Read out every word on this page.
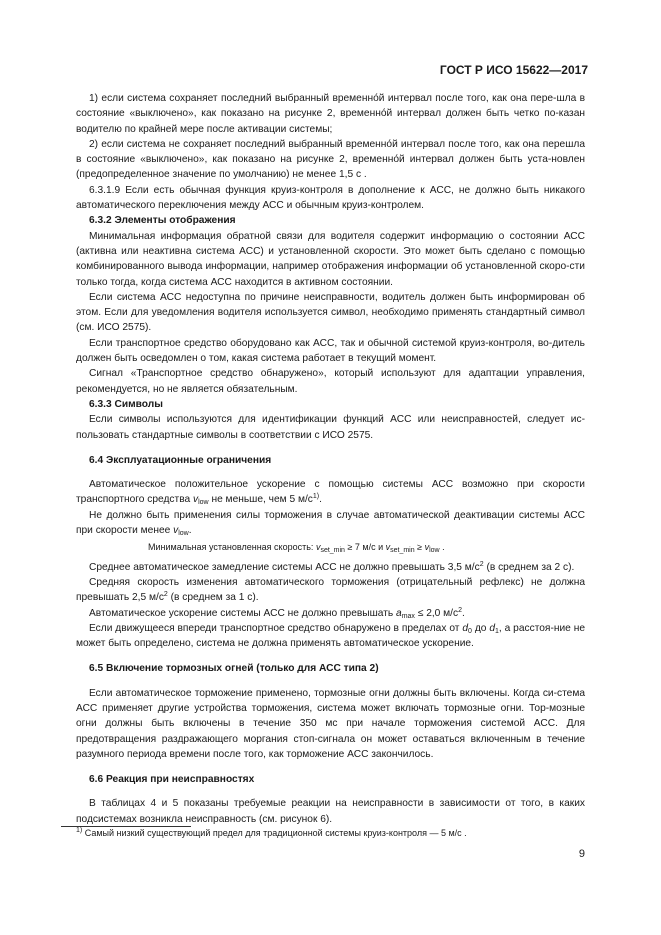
ГОСТ Р ИСО 15622—2017

1) если система сохраняет последний выбранный временно́й интервал после того, как она пере-шла в состояние «выключено», как показано на рисунке 2, временно́й интервал должен быть четко по-казан водителю по крайней мере после активации системы;

2) если система не сохраняет последний выбранный временно́й интервал после того, как она перешла в состояние «выключено», как показано на рисунке 2, временно́й интервал должен быть уста-новлен (предопределенное значение по умолчанию) не менее 1,5 с .

6.3.1.9 Если есть обычная функция круиз-контроля в дополнение к АСС, не должно быть никакого автоматического переключения между АСС и обычным круиз-контролем.

6.3.2 Элементы отображения

Минимальная информация обратной связи для водителя содержит информацию о состоянии АСС (активна или неактивна система АСС) и установленной скорости. Это может быть сделано с помощью комбинированного вывода информации, например отображения информации об установленной скоро-сти только тогда, когда система АСС находится в активном состоянии.

Если система АСС недоступна по причине неисправности, водитель должен быть информирован об этом. Если для уведомления водителя используется символ, необходимо применять стандартный символ (см. ИСО 2575).

Если транспортное средство оборудовано как АСС, так и обычной системой круиз-контроля, во-дитель должен быть осведомлен о том, какая система работает в текущий момент.

Сигнал «Транспортное средство обнаружено», который используют для адаптации управления, рекомендуется, но не является обязательным.

6.3.3 Символы

Если символы используются для идентификации функций АСС или неисправностей, следует ис-пользовать стандартные символы в соответствии с ИСО 2575.

6.4 Эксплуатационные ограничения

Автоматическое положительное ускорение с помощью системы АСС возможно при скорости транспортного средства $v_{low}$ не меньше, чем 5 $м/с^{1)}$.

Не должно быть применения силы торможения в случае автоматической деактивации системы АСС при скорости менее $v_{low}$.

Минимальная установленная скорость: $v_{set\_min} \ge 7$ м/с и $v_{set\_min} \ge v_{low}$ .

Среднее автоматическое замедление системы АСС не должно превышать 3,5 $м/с^2$ (в среднем за 2 с).

Средняя скорость изменения автоматического торможения (отрицательный рефлекс) не должна превышать 2,5 $м/с^2$ (в среднем за 1 с).

Автоматическое ускорение системы АСС не должно превышать $a_{max} \le 2,0$ $м/с^2$.

Если движущееся впереди транспортное средство обнаружено в пределах от $d_0$ до $d_1$, а расстоя-ние не может быть определено, система не должна применять автоматическое ускорение.

6.5 Включение тормозных огней (только для АСС типа 2)

Если автоматическое торможение применено, тормозные огни должны быть включены. Когда си-стема АСС применяет другие устройства торможения, система может включать тормозные огни. Тор-мозные огни должны быть включены в течение 350 мс при начале торможения системой АСС. Для предотвращения раздражающего моргания стоп-сигнала он может оставаться включенным в течение разумного периода времени после того, как торможение АСС закончилось.

6.6 Реакция при неисправностях

В таблицах 4 и 5 показаны требуемые реакции на неисправности в зависимости от того, в каких подсистемах возникла неисправность (см. рисунок 6).

$^{1)}$ Самый низкий существующий предел для традиционной системы круиз-контроля — 5 м/с .
9
